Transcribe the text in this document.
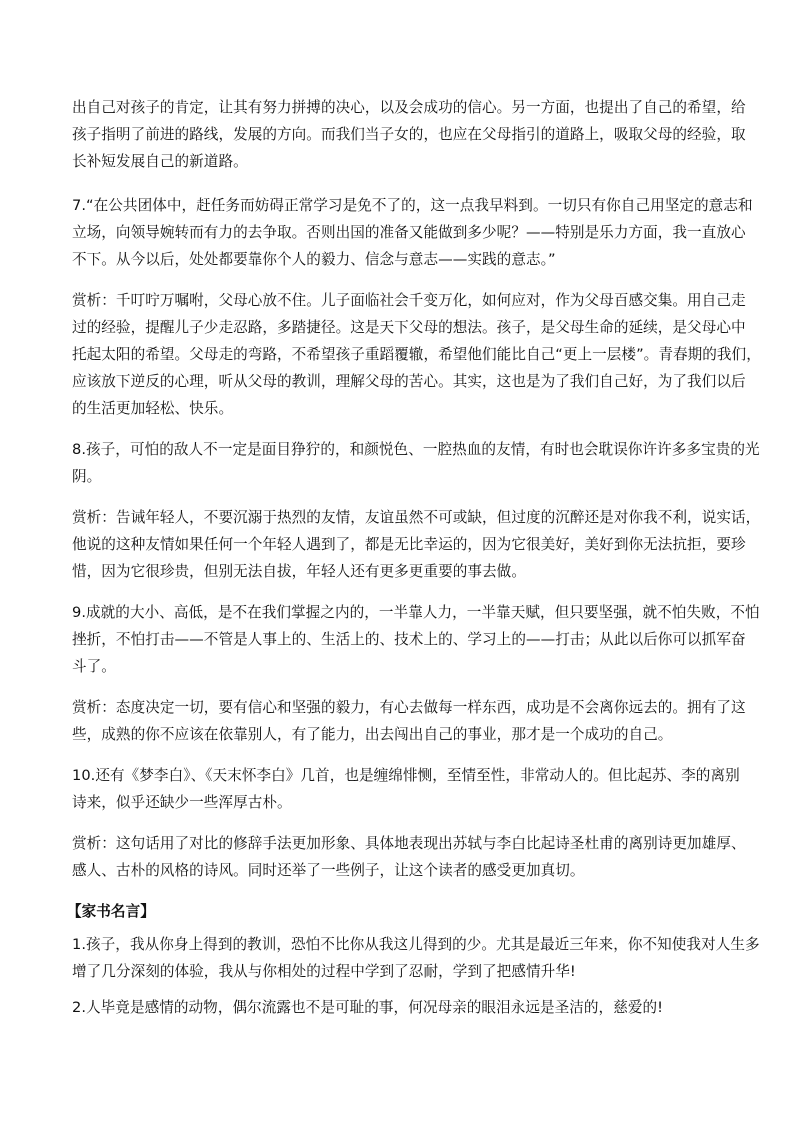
出自己对孩子的肯定，让其有努力拼搏的决心，以及会成功的信心。另一方面，也提出了自己的希望，给
孩子指明了前进的路线，发展的方向。而我们当子女的，也应在父母指引的道路上，吸取父母的经验，取
长补短发展自己的新道路。
7.“在公共团体中，赶任务而妨碍正常学习是免不了的，这一点我早料到。一切只有你自己用坚定的意志和
立场，向领导婉转而有力的去争取。否则出国的准备又能做到多少呢？——特别是乐力方面，我一直放心
不下。从今以后，处处都要靠你个人的毅力、信念与意志——实践的意志。”
赏析：千叮咛万嘱咐，父母心放不住。儿子面临社会千变万化，如何应对，作为父母百感交集。用自己走
过的经验，提醒儿子少走忍路，多踏捷径。这是天下父母的想法。孩子，是父母生命的延续，是父母心中
托起太阳的希望。父母走的弯路，不希望孩子重蹈覆辙，希望他们能比自己“更上一层楼”。青春期的我们，
应该放下逆反的心理，听从父母的教训，理解父母的苦心。其实，这也是为了我们自己好，为了我们以后
的生活更加轻松、快乐。
8.孩子，可怕的敌人不一定是面目狰狞的，和颜悦色、一腔热血的友情，有时也会耽误你许许多多宝贵的光
阴。
赏析：告诫年轻人，不要沉溺于热烈的友情，友谊虽然不可或缺，但过度的沉醉还是对你我不利，说实话，
他说的这种友情如果任何一个年轻人遇到了，都是无比幸运的，因为它很美好，美好到你无法抗拒，要珍
惜，因为它很珍贵，但别无法自拔，年轻人还有更多更重要的事去做。
9.成就的大小、高低，是不在我们掌握之内的，一半靠人力，一半靠天赋，但只要坚强，就不怕失败，不怕
挫折，不怕打击——不管是人事上的、生活上的、技术上的、学习上的——打击；从此以后你可以抓军奋
斗了。
赏析：态度决定一切，要有信心和坚强的毅力，有心去做每一样东西，成功是不会离你远去的。拥有了这
些，成熟的你不应该在依靠别人，有了能力，出去闯出自己的事业，那才是一个成功的自己。
10.还有《梦李白》、《天末怀李白》几首，也是缠绵悱恻，至情至性，非常动人的。但比起苏、李的离别
诗来，似乎还缺少一些浑厚古朴。
赏析：这句话用了对比的修辞手法更加形象、具体地表现出苏轼与李白比起诗圣杜甫的离别诗更加雄厚、
感人、古朴的风格的诗风。同时还举了一些例子，让这个读者的感受更加真切。
【家书名言】
1.孩子，我从你身上得到的教训，恐怕不比你从我这儿得到的少。尤其是最近三年来，你不知使我对人生多
增了几分深刻的体验，我从与你相处的过程中学到了忍耐，学到了把感情升华!
2.人毕竟是感情的动物，偶尔流露也不是可耻的事，何况母亲的眼泪永远是圣洁的，慈爱的!
